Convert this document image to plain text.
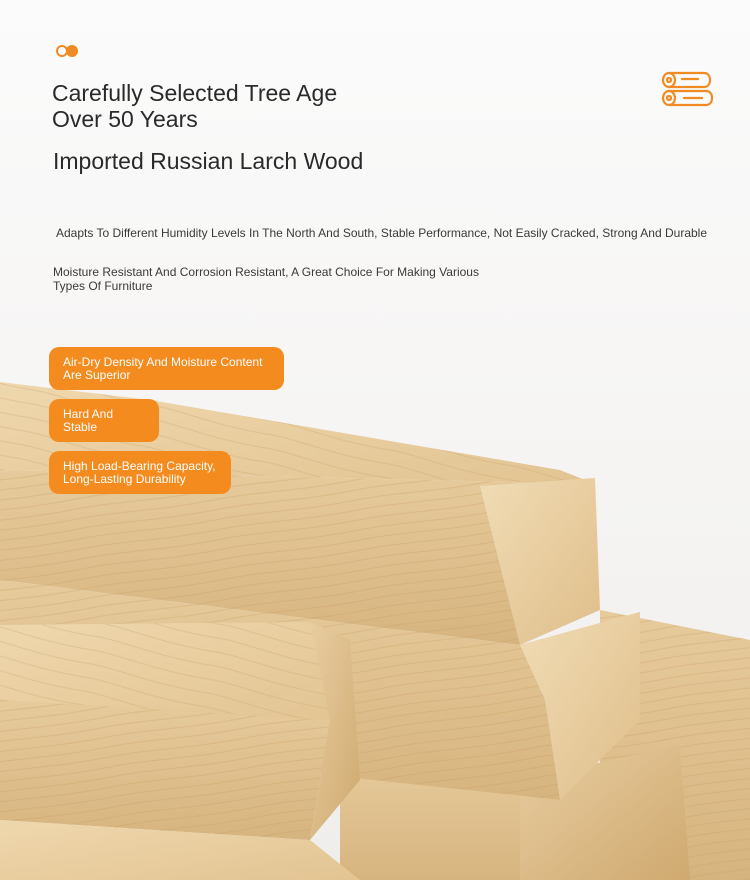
Carefully Selected Tree Age
Over 50 Years
Imported Russian Larch Wood
Adapts To Different Humidity Levels In The North And South, Stable Performance, Not Easily Cracked, Strong And Durable
Moisture Resistant And Corrosion Resistant, A Great Choice For Making Various
Types Of Furniture
Air-Dry Density And Moisture Content
Are Superior
Hard And Stable
High Load-Bearing Capacity,
Long-Lasting Durability
